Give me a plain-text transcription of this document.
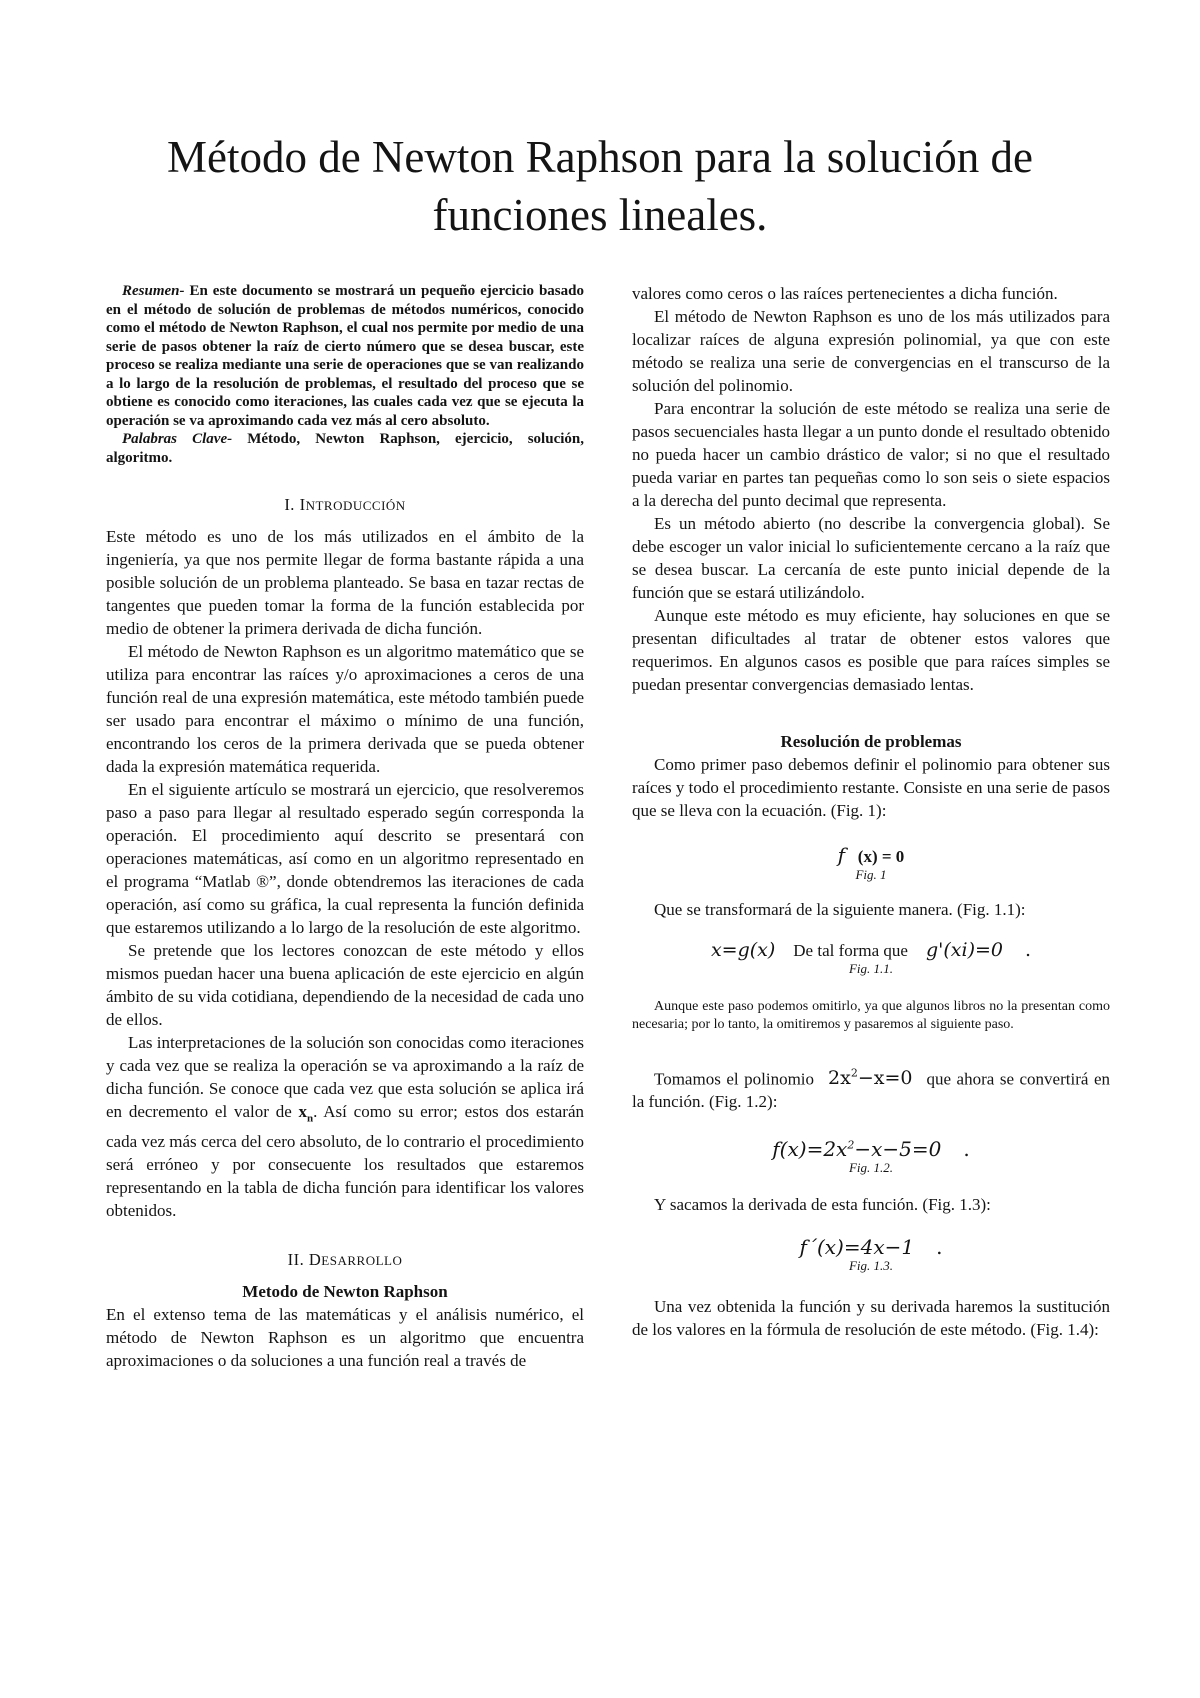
Método de Newton Raphson para la solución de funciones lineales.

Resumen- En este documento se mostrará un pequeño ejercicio basado en el método de solución de problemas de métodos numéricos, conocido como el método de Newton Raphson, el cual nos permite por medio de una serie de pasos obtener la raíz de cierto número que se desea buscar, este proceso se realiza mediante una serie de operaciones que se van realizando a lo largo de la resolución de problemas, el resultado del proceso que se obtiene es conocido como iteraciones, las cuales cada vez que se ejecuta la operación se va aproximando cada vez más al cero absoluto.

Palabras Clave- Método, Newton Raphson, ejercicio, solución, algoritmo.

I. INTRODUCCIÓN

Este método es uno de los más utilizados en el ámbito de la ingeniería, ya que nos permite llegar de forma bastante rápida a una posible solución de un problema planteado. Se basa en tazar rectas de tangentes que pueden tomar la forma de la función establecida por medio de obtener la primera derivada de dicha función.

El método de Newton Raphson es un algoritmo matemático que se utiliza para encontrar las raíces y/o aproximaciones a ceros de una función real de una expresión matemática, este método también puede ser usado para encontrar el máximo o mínimo de una función, encontrando los ceros de la primera derivada que se pueda obtener dada la expresión matemática requerida.

En el siguiente artículo se mostrará un ejercicio, que resolveremos paso a paso para llegar al resultado esperado según corresponda la operación. El procedimiento aquí descrito se presentará con operaciones matemáticas, así como en un algoritmo representado en el programa “Matlab ®”, donde obtendremos las iteraciones de cada operación, así como su gráfica, la cual representa la función definida que estaremos utilizando a lo largo de la resolución de este algoritmo.

Se pretende que los lectores conozcan de este método y ellos mismos puedan hacer una buena aplicación de este ejercicio en algún ámbito de su vida cotidiana, dependiendo de la necesidad de cada uno de ellos.

Las interpretaciones de la solución son conocidas como iteraciones y cada vez que se realiza la operación se va aproximando a la raíz de dicha función. Se conoce que cada vez que esta solución se aplica irá en decremento el valor de $x_n$. Así como su error; estos dos estarán cada vez más cerca del cero absoluto, de lo contrario el procedimiento será erróneo y por consecuente los resultados que estaremos representando en la tabla de dicha función para identificar los valores obtenidos.

II. DESARROLLO

Metodo de Newton Raphson

En el extenso tema de las matemáticas y el análisis numérico, el método de Newton Raphson es un algoritmo que encuentra aproximaciones o da soluciones a una función real a través de

valores como ceros o las raíces pertenecientes a dicha función.

El método de Newton Raphson es uno de los más utilizados para localizar raíces de alguna expresión polinomial, ya que con este método se realiza una serie de convergencias en el transcurso de la solución del polinomio.

Para encontrar la solución de este método se realiza una serie de pasos secuenciales hasta llegar a un punto donde el resultado obtenido no pueda hacer un cambio drástico de valor; si no que el resultado pueda variar en partes tan pequeñas como lo son seis o siete espacios a la derecha del punto decimal que representa.

Es un método abierto (no describe la convergencia global). Se debe escoger un valor inicial lo suficientemente cercano a la raíz que se desea buscar. La cercanía de este punto inicial depende de la función que se estará utilizándolo.

Aunque este método es muy eficiente, hay soluciones en que se presentan dificultades al tratar de obtener estos valores que requerimos. En algunos casos es posible que para raíces simples se puedan presentar convergencias demasiado lentas.

Resolución de problemas

Como primer paso debemos definir el polinomio para obtener sus raíces y todo el procedimiento restante. Consiste en una serie de pasos que se lleva con la ecuación. (Fig. 1):

f (x) = 0

Fig. 1

Que se transformará de la siguiente manera. (Fig. 1.1):

x=g(x) De tal forma que g'(xi)=0 .

Fig. 1.1.

Aunque este paso podemos omitirlo, ya que algunos libros no la presentan como necesaria; por lo tanto, la omitiremos y pasaremos al siguiente paso.

Tomamos el polinomio $2x^2-x=0$ que ahora se convertirá en la función. (Fig. 1.2):

$f(x)=2x^2-x-5=0$ .

Fig. 1.2.

Y sacamos la derivada de esta función. (Fig. 1.3):

f´(x)=4x−1 .

Fig. 1.3.

Una vez obtenida la función y su derivada haremos la sustitución de los valores en la fórmula de resolución de este método. (Fig. 1.4):
